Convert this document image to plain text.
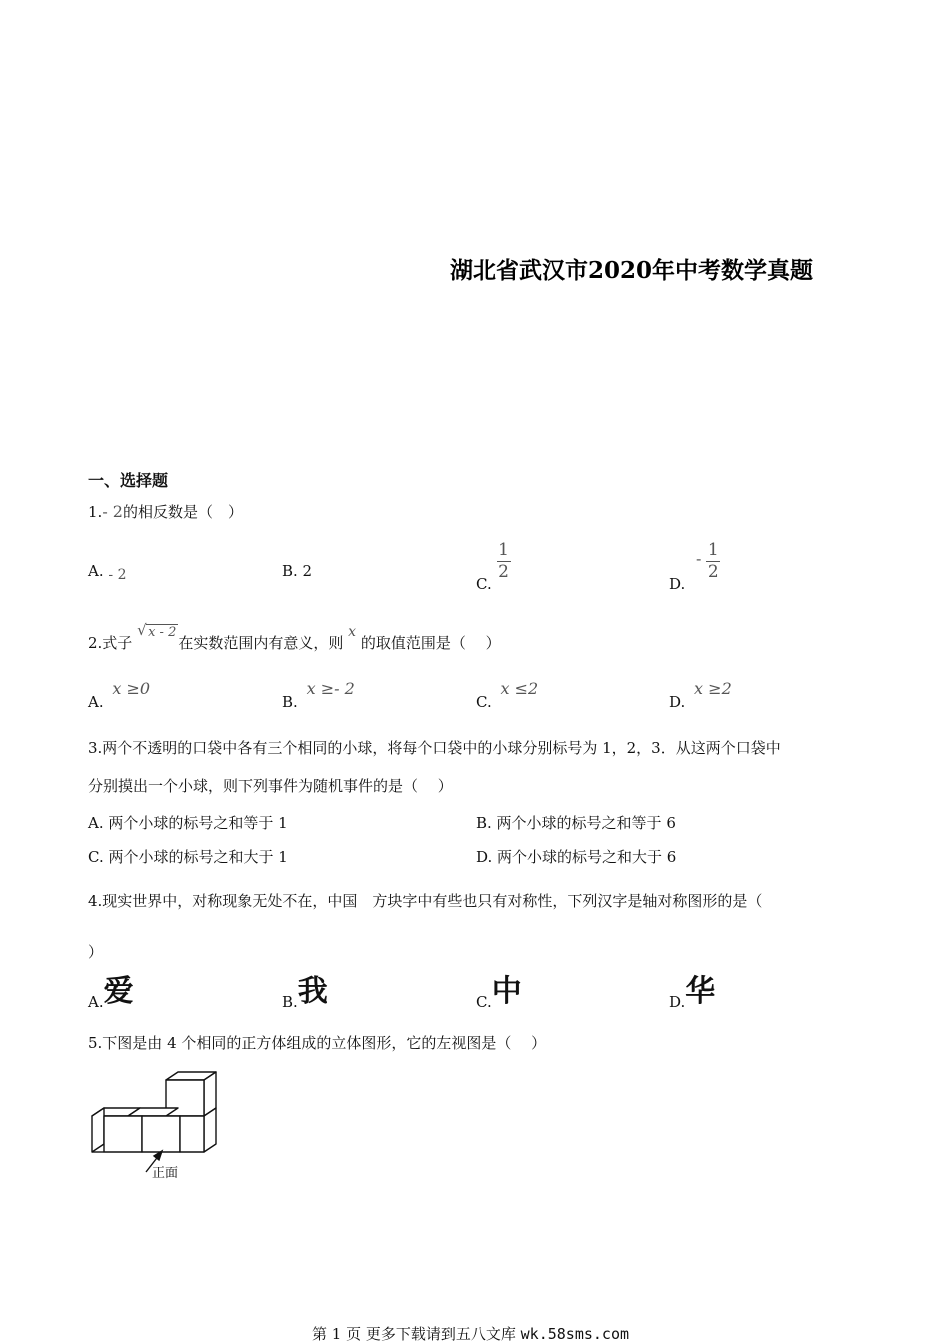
湖北省武汉市2020年中考数学真题
一、选择题
1.- 2的相反数是（　）
A. - 2	B. 2
C.
$\frac{1}{2}$
D. - $\frac{1}{2}$
2.式子
√ x - 2在实数范围内有意义，则 x 的取值范围是（　 ）
A. x ≥0
B. x ≥- 2
C. x ≤2
D. x ≥2
3.两个不透明的口袋中各有三个相同的小球，将每个口袋中的小球分别标号为 1，2，3．从这两个口袋中
分别摸出一个小球，则下列事件为随机事件的是（　 ）
A. 两个小球的标号之和等于 1	B. 两个小球的标号之和等于 6
C. 两个小球的标号之和大于 1	D. 两个小球的标号之和大于 6
4.现实世界中，对称现象无处不在，中国　方块字中有些也只有对称性，下列汉字是轴对称图形的是（
）
A.爱	B.我	C.中	D.华
5.下图是由 4 个相同的正方体组成的立体图形，它的左视图是（　 ）
正面
第 1 页 更多下载请到五八文库 wk.58sms.com
